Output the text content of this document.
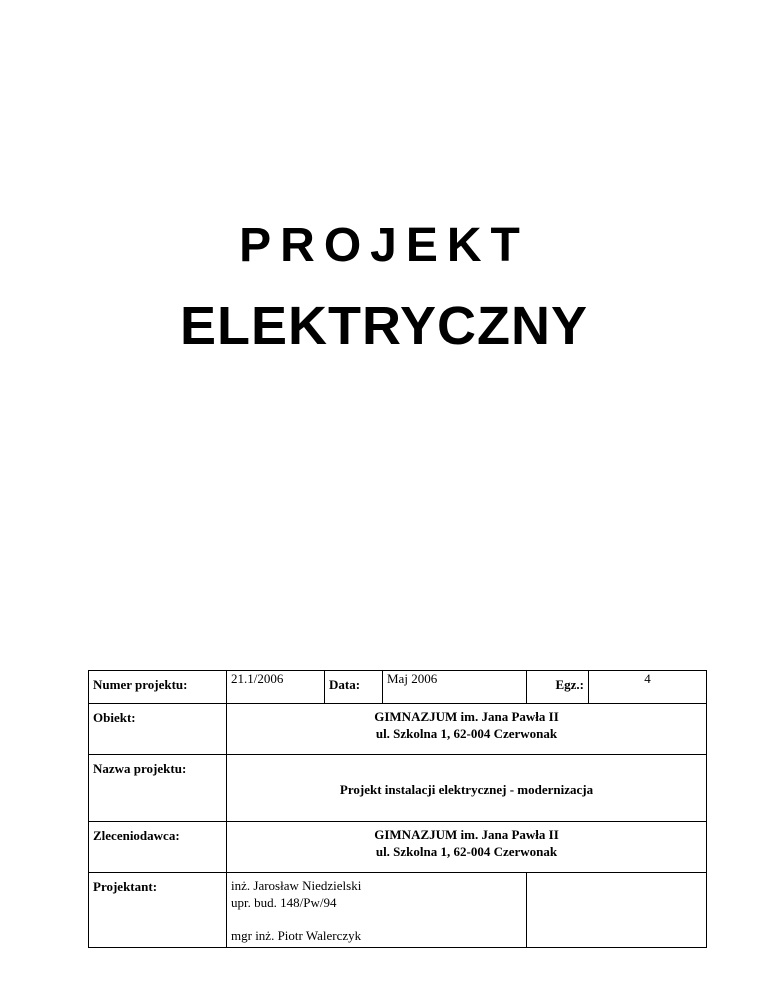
PROJEKT
ELEKTRYCZNY
Numer projektu:	21.1/2006	Data:	Maj 2006	Egz.:	4
Obiekt:	GIMNAZJUM im. Jana Pawła II
ul. Szkolna 1, 62-004 Czerwonak				

Nazwa projektu:	Projekt instalacji elektrycznej - modernizacja				
Zleceniodawca:	GIMNAZJUM im. Jana Pawła II
ul. Szkolna 1, 62-004 Czerwonak				

Projektant:	inż. Jarosław Niedzielski
upr. bud. 148/Pw/94
mgr inż. Piotr Walerczyk				
